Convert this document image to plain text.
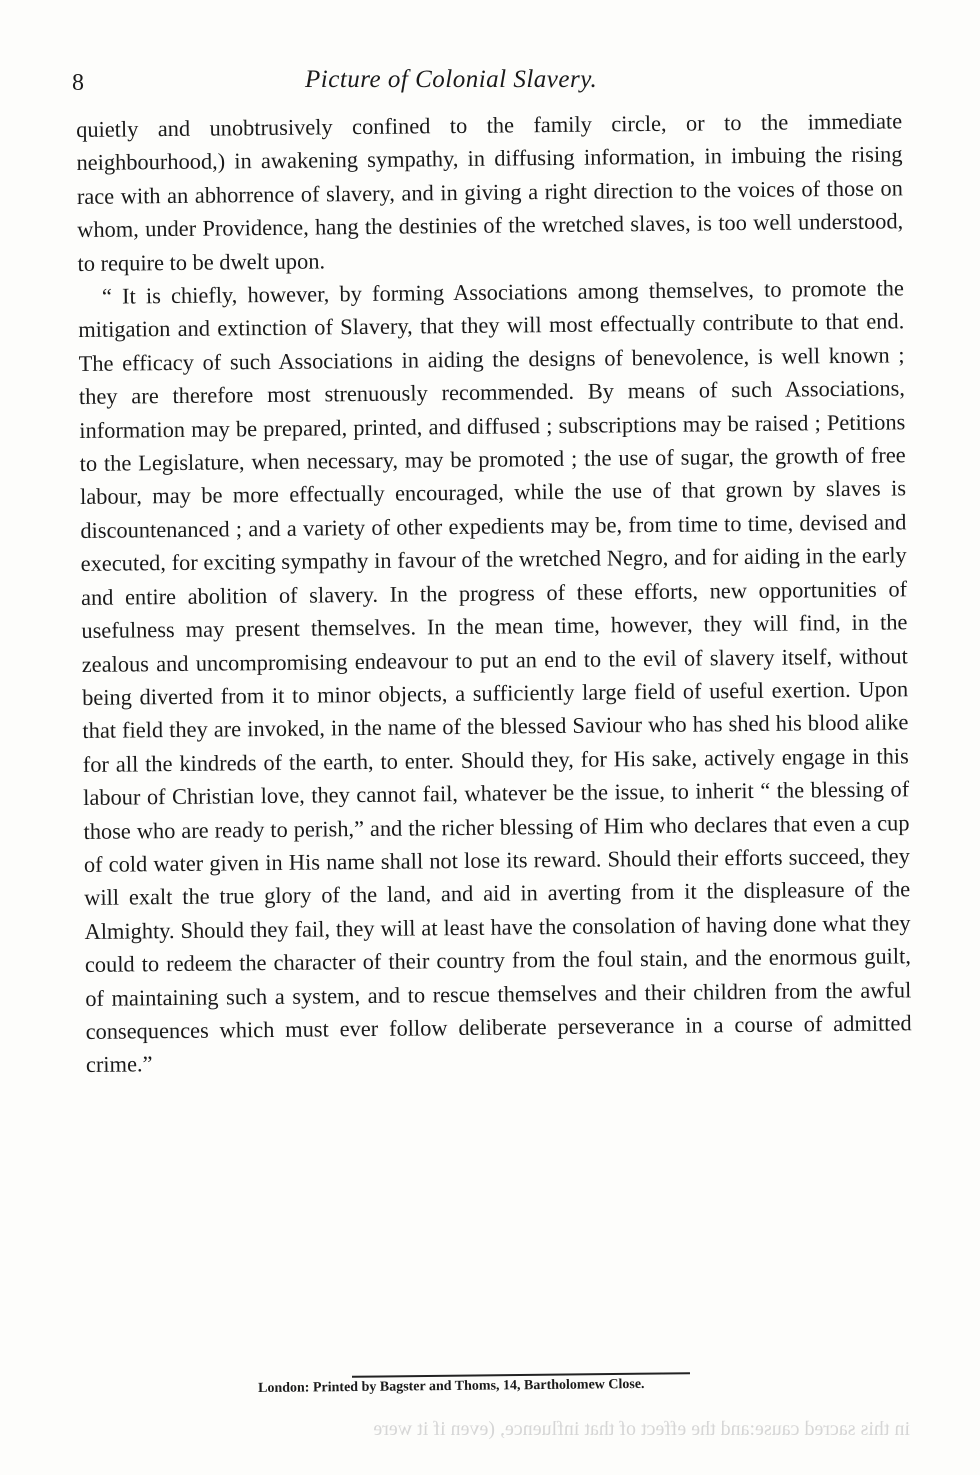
8	Picture of Colonial Slavery.

quietly and unobtrusively confined to the family circle, or to the immediate neighbourhood,) in awakening sympathy, in diffusing information, in imbuing the rising race with an abhorrence of slavery, and in giving a right direction to the voices of those on whom, under Providence, hang the destinies of the wretched slaves, is too well understood, to require to be dwelt upon.

“ It is chiefly, however, by forming Associations among themselves, to promote the mitigation and extinction of Slavery, that they will most effectually contribute to that end. The efficacy of such Associations in aiding the designs of benevolence, is well known ; they are therefore most strenuously recommended. By means of such Associations, information may be prepared, printed, and diffused ; subscriptions may be raised ; Petitions to the Legislature, when necessary, may be promoted ; the use of sugar, the growth of free labour, may be more effectually encouraged, while the use of that grown by slaves is discountenanced ; and a variety of other expedients may be, from time to time, devised and executed, for exciting sympathy in favour of the wretched Negro, and for aiding in the early and entire abolition of slavery. In the progress of these efforts, new opportunities of usefulness may present themselves. In the mean time, however, they will find, in the zealous and uncompromising endeavour to put an end to the evil of slavery itself, without being diverted from it to minor objects, a sufficiently large field of useful exertion. Upon that field they are invoked, in the name of the blessed Saviour who has shed his blood alike for all the kindreds of the earth, to enter. Should they, for His sake, actively engage in this labour of Christian love, they cannot fail, whatever be the issue, to inherit “ the blessing of those who are ready to perish,” and the richer blessing of Him who declares that even a cup of cold water given in His name shall not lose its reward. Should their efforts succeed, they will exalt the true glory of the land, and aid in averting from it the displeasure of the Almighty. Should they fail, they will at least have the consolation of having done what they could to redeem the character of their country from the foul stain, and the enormous guilt, of maintaining such a system, and to rescue themselves and their children from the awful consequences which must ever follow deliberate perseverance in a course of admitted crime.”

London: Printed by Bagster and Thoms, 14, Bartholomew Close.
in this sacred cause:and the effect of that influence, (even if it were
